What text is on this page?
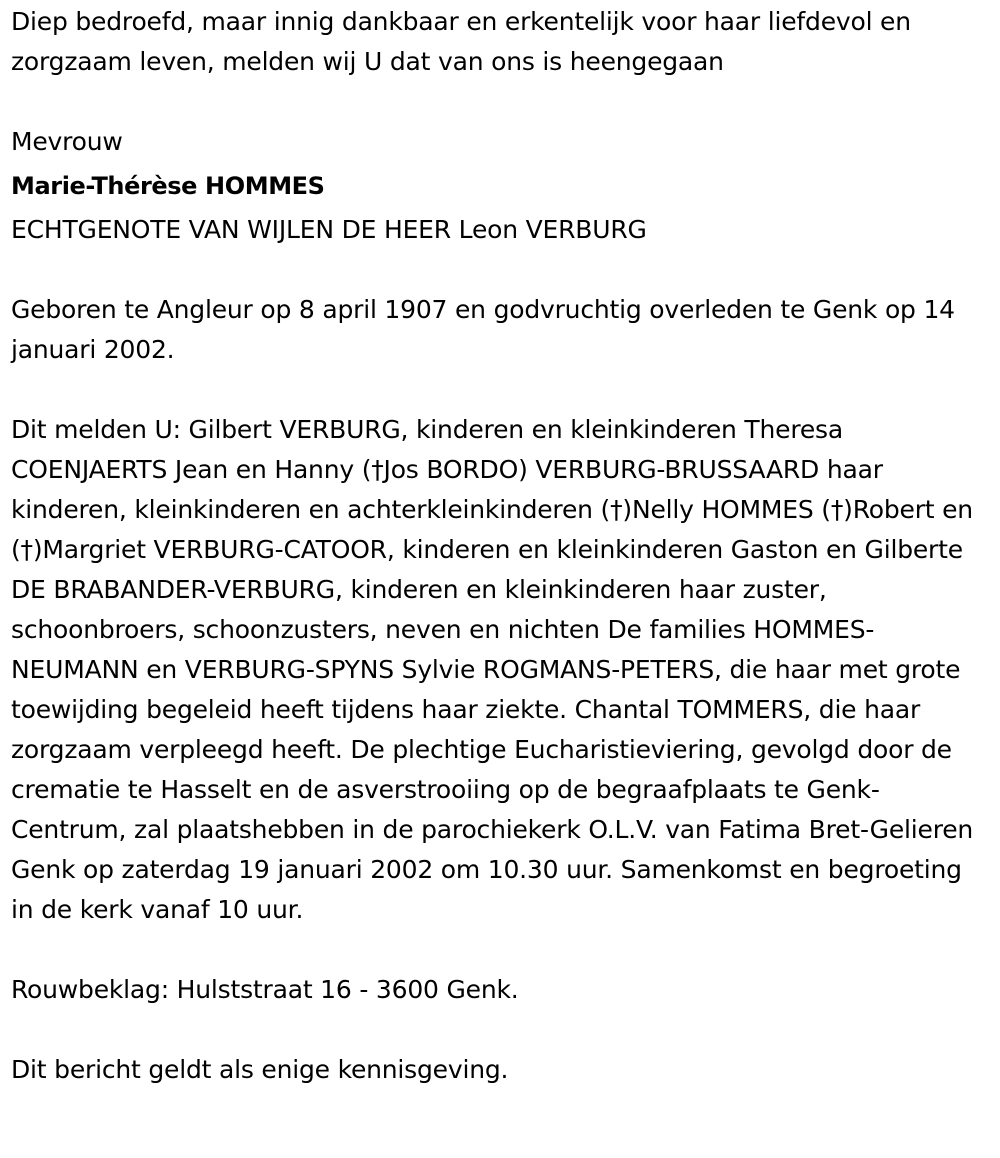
Diep bedroefd, maar innig dankbaar en erkentelijk voor haar liefdevol en zorgzaam leven, melden wij U dat van ons is heengegaan

Mevrouw

Marie-Thérèse HOMMES

ECHTGENOTE VAN WIJLEN DE HEER Leon VERBURG

Geboren te Angleur op 8 april 1907 en godvruchtig overleden te Genk op 14 januari 2002.

Dit melden U: Gilbert VERBURG, kinderen en kleinkinderen Theresa COENJAERTS Jean en Hanny (†Jos BORDO) VERBURG-BRUSSAARD haar kinderen, kleinkinderen en achterkleinkinderen (†)Nelly HOMMES (†)Robert en (†)Margriet VERBURG-CATOOR, kinderen en kleinkinderen Gaston en Gilberte DE BRABANDER-VERBURG, kinderen en kleinkinderen haar zuster, schoonbroers, schoonzusters, neven en nichten De families HOMMES-NEUMANN en VERBURG-SPYNS Sylvie ROGMANS-PETERS, die haar met grote toewijding begeleid heeft tijdens haar ziekte. Chantal TOMMERS, die haar zorgzaam verpleegd heeft. De plechtige Eucharistieviering, gevolgd door de crematie te Hasselt en de asverstrooiing op de begraafplaats te Genk-Centrum, zal plaatshebben in de parochiekerk O.L.V. van Fatima Bret-Gelieren Genk op zaterdag 19 januari 2002 om 10.30 uur. Samenkomst en begroeting in de kerk vanaf 10 uur.

Rouwbeklag: Hulststraat 16 - 3600 Genk.

Dit bericht geldt als enige kennisgeving.
